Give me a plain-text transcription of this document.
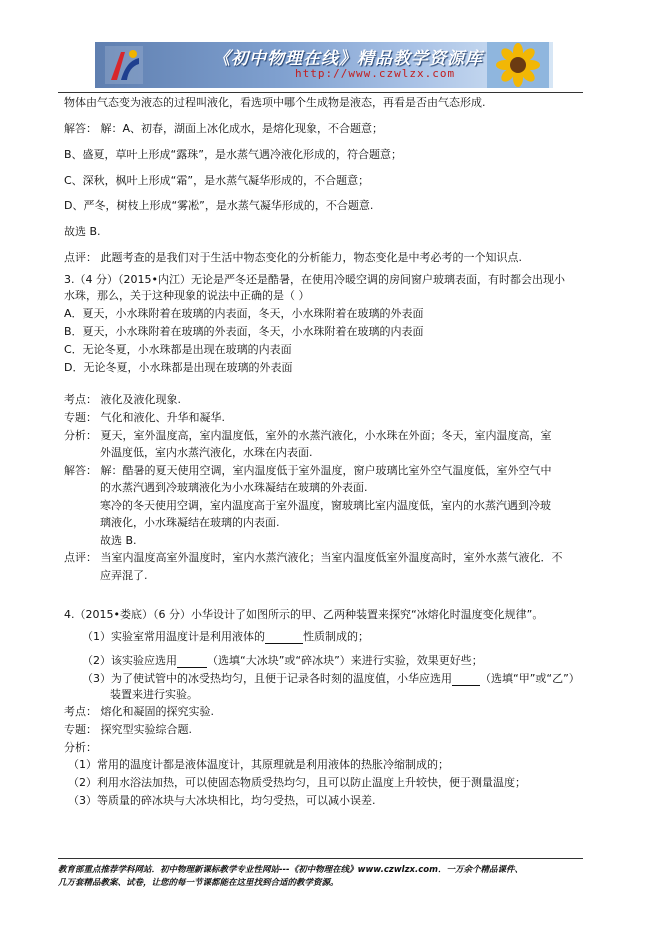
《初中物理在线》精品教学资源库
http://www.czwlzx.com
物体由气态变为液态的过程叫液化，看选项中哪个生成物是液态，再看是否由气态形成.
解答： 解：A、初春，湖面上冰化成水，是熔化现象，不合题意；
B、盛夏，草叶上形成“露珠”，是水蒸气遇冷液化形成的，符合题意；
C、深秋，枫叶上形成“霜”，是水蒸气凝华形成的，不合题意；
D、严冬，树枝上形成“雾凇”，是水蒸气凝华形成的，不合题意.
故选 B.
点评： 此题考查的是我们对于生活中物态变化的分析能力，物态变化是中考必考的一个知识点.
3.（4 分）（2015•内江）无论是严冬还是酷暑，在使用冷暖空调的房间窗户玻璃表面，有时都会出现小
水珠，那么，关于这种现象的说法中正确的是（ ）
A．夏天，小水珠附着在玻璃的内表面，冬天，小水珠附着在玻璃的外表面
B．夏天，小水珠附着在玻璃的外表面，冬天，小水珠附着在玻璃的内表面
C．无论冬夏，小水珠都是出现在玻璃的内表面
D．无论冬夏，小水珠都是出现在玻璃的外表面
考点： 液化及液化现象.
专题： 气化和液化、升华和凝华.
分析： 夏天，室外温度高，室内温度低，室外的水蒸汽液化，小水珠在外面；冬天，室内温度高，室
外温度低，室内水蒸汽液化，水珠在内表面.
解答： 解：酷暑的夏天使用空调，室内温度低于室外温度，窗户玻璃比室外空气温度低，室外空气中
的水蒸汽遇到冷玻璃液化为小水珠凝结在玻璃的外表面.
寒冷的冬天使用空调，室内温度高于室外温度，窗玻璃比室内温度低，室内的水蒸汽遇到冷玻
璃液化，小水珠凝结在玻璃的内表面.
故选 B.
点评： 当室内温度高室外温度时，室内水蒸汽液化；当室内温度低室外温度高时，室外水蒸气液化．不
应弄混了.
4.（2015•娄底）（6 分）小华设计了如图所示的甲、乙两种装置来探究“冰熔化时温度变化规律”。
考点： 熔化和凝固的探究实验.
专题： 探究型实验综合题.
分析：
（1）常用的温度计都是液体温度计，其原理就是利用液体的热胀冷缩制成的；
（2）利用水浴法加热，可以使固态物质受热均匀，且可以防止温度上升较快，便于测量温度；
（3）等质量的碎冰块与大冰块相比，均匀受热，可以减小误差.
（1）实验室常用温度计是利用液体的	性质制成的；
（2）该实验应选用	（选填“大冰块”或“碎冰块”）来进行实验，效果更好些；
（3）为了使试管中的冰受热均匀，且便于记录各时刻的温度值，小华应选用	（选填“甲”或“乙”）
装置来进行实验。
教育部重点推荐学科网站．初中物理新课标教学专业性网站---《初中物理在线》www.czwlzx.com．一万余个精品课件、
几万套精品教案、试卷，让您的每一节课都能在这里找到合适的教学资源。
